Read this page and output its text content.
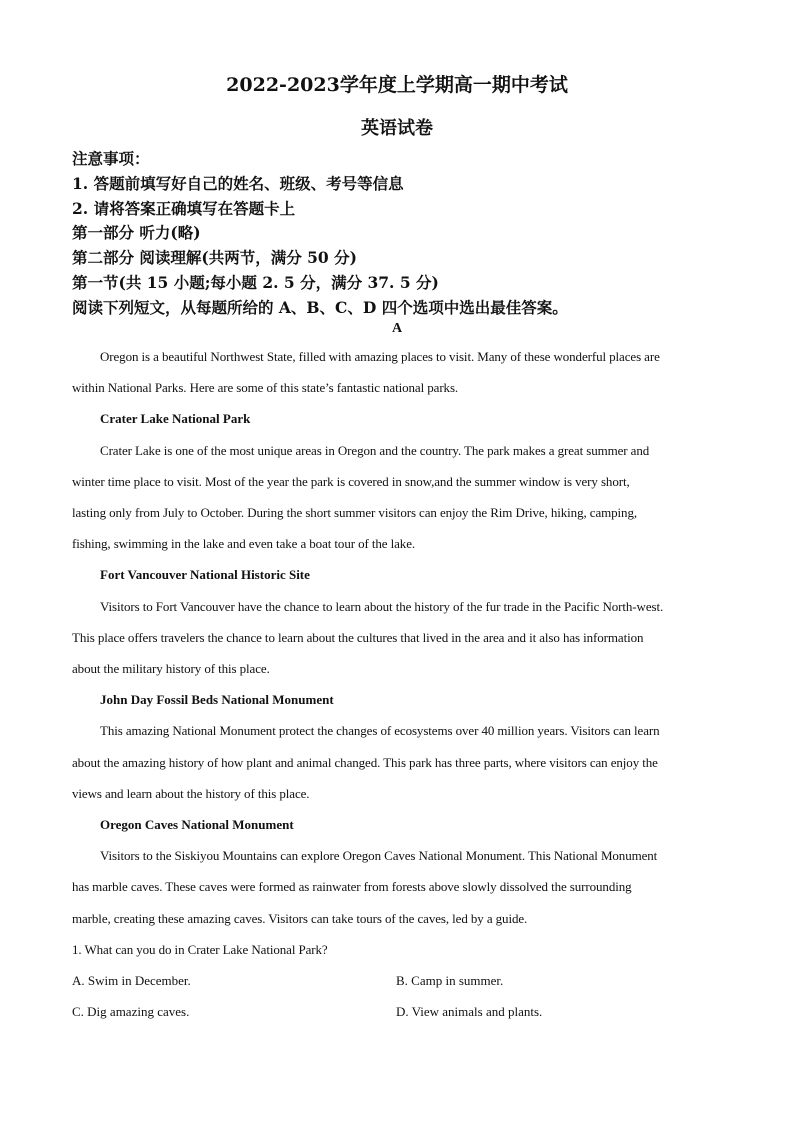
2022-2023学年度上学期高一期中考试
英语试卷
注意事项：
1. 答题前填写好自己的姓名、班级、考号等信息
2. 请将答案正确填写在答题卡上
第一部分 听力(略)
第二部分 阅读理解(共两节，满分 50 分)
第一节(共 15 小题;每小题 2. 5 分，满分 37. 5 分)
阅读下列短文，从每题所给的 A、B、C、D 四个选项中选出最佳答案。
A
Oregon is a beautiful Northwest State, filled with amazing places to visit. Many of these wonderful places are
within National Parks. Here are some of this state’s fantastic national parks.
Crater Lake National Park
Crater Lake is one of the most unique areas in Oregon and the country. The park makes a great summer and
winter time place to visit. Most of the year the park is covered in snow,and the summer window is very short,
lasting only from July to October. During the short summer visitors can enjoy the Rim Drive, hiking, camping,
fishing, swimming in the lake and even take a boat tour of the lake.
Fort Vancouver National Historic Site
Visitors to Fort Vancouver have the chance to learn about the history of the fur trade in the Pacific North-west.
This place offers travelers the chance to learn about the cultures that lived in the area and it also has information
about the military history of this place.
John Day Fossil Beds National Monument
This amazing National Monument protect the changes of ecosystems over 40 million years. Visitors can learn
about the amazing history of how plant and animal changed. This park has three parts, where visitors can enjoy the
views and learn about the history of this place.
Oregon Caves National Monument
Visitors to the Siskiyou Mountains can explore Oregon Caves National Monument. This National Monument
has marble caves. These caves were formed as rainwater from forests above slowly dissolved the surrounding
marble, creating these amazing caves. Visitors can take tours of the caves, led by a guide.
1. What can you do in Crater Lake National Park?
A. Swim in December.	B. Camp in summer.
C. Dig amazing caves.	D. View animals and plants.
